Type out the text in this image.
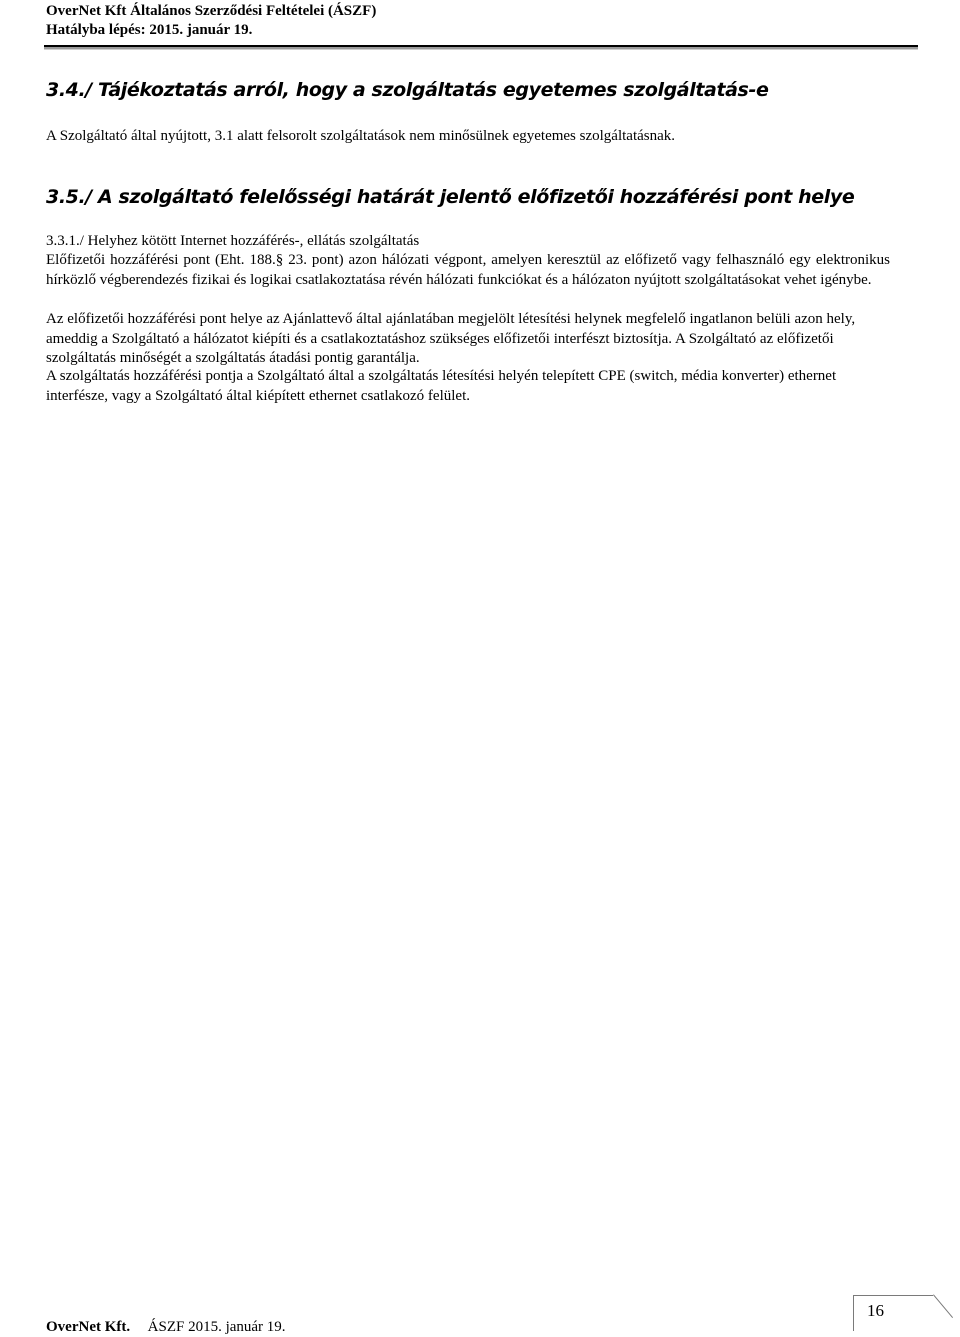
OverNet Kft Általános Szerződési Feltételei (ÁSZF)
Hatályba lépés: 2015. január 19.
3.4./ Tájékoztatás arról, hogy a szolgáltatás egyetemes szolgáltatás-e
A Szolgáltató által nyújtott, 3.1 alatt felsorolt szolgáltatások nem minősülnek egyetemes szolgáltatásnak.
3.5./ A szolgáltató felelősségi határát jelentő előfizetői hozzáférési pont helye
3.3.1./ Helyhez kötött Internet hozzáférés-, ellátás szolgáltatás
Előfizetői hozzáférési pont (Eht. 188.§ 23. pont) azon hálózati végpont, amelyen keresztül az előfizető vagy felhasználó egy elektronikus hírközlő végberendezés fizikai és logikai csatlakoztatása révén hálózati funkciókat és a hálózaton nyújtott szolgáltatásokat vehet igénybe.
Az előfizetői hozzáférési pont helye az Ajánlattevő által ajánlatában megjelölt létesítési helynek megfelelő ingatlanon belüli azon hely, ameddig a Szolgáltató a hálózatot kiépíti és a csatlakoztatáshoz szükséges előfizetői interfészt biztosítja. A Szolgáltató az előfizetői szolgáltatás minőségét a szolgáltatás átadási pontig garantálja.
A szolgáltatás hozzáférési pontja a Szolgáltató által a szolgáltatás létesítési helyén telepített CPE (switch, média konverter) ethernet interfésze, vagy a Szolgáltató által kiépített ethernet csatlakozó felület.
OverNet Kft. ÁSZF 2015. január 19.
16
